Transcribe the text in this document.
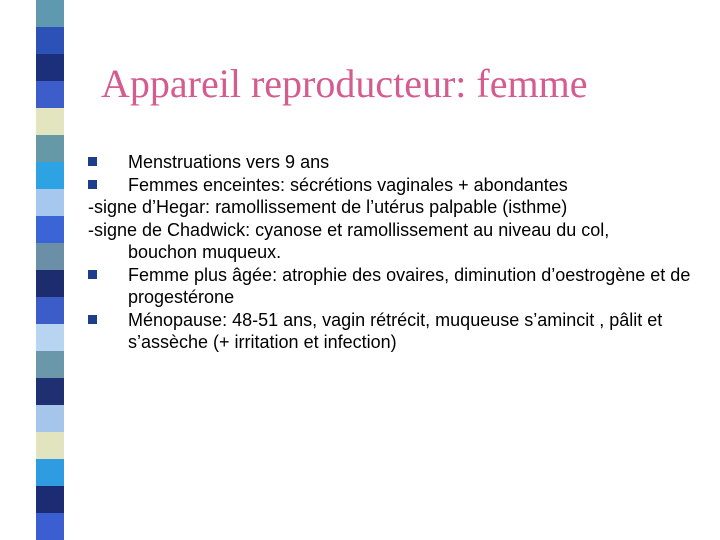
Appareil reproducteur: femme
Menstruations vers 9 ans
Femmes enceintes: sécrétions vaginales + abondantes
-signe d’Hegar: ramollissement de l’utérus palpable (isthme)
-signe de Chadwick: cyanose et ramollissement au niveau du col,
bouchon muqueux.
Femme plus âgée: atrophie des ovaires, diminution d’oestrogène et de progestérone
Ménopause: 48-51 ans, vagin rétrécit, muqueuse s’amincit , pâlit et s’assèche (+ irritation et infection)
